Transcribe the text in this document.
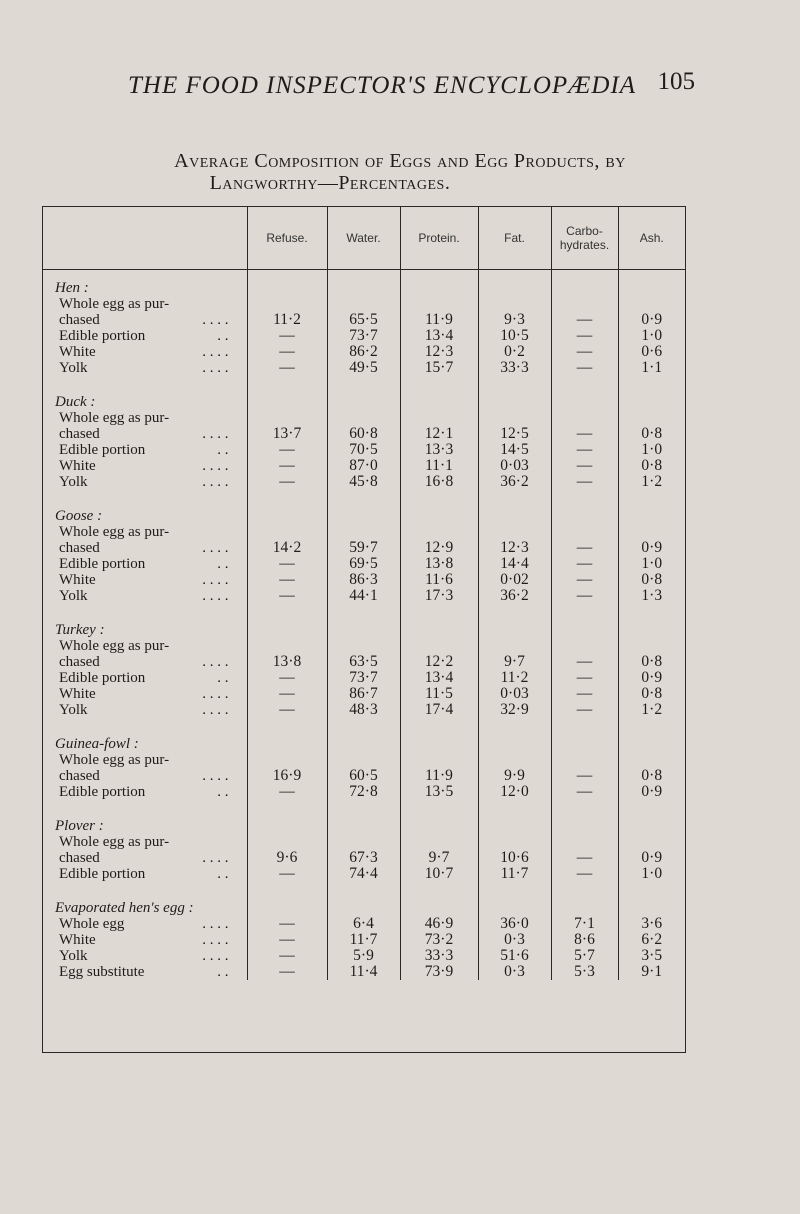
THE FOOD INSPECTOR'S ENCYCLOPÆDIA 105
Average Composition of Eggs and Egg Products, by
Langworthy—Percentages.
	Refuse.	Water.	Protein.	Fat.	Carbo-hydrates.	Ash.
Hen :						
Whole egg as pur-						
chased . . . .	11·2	65·5	11·9	9·3	—	0·9
Edible portion . .	—	73·7	13·4	10·5	—	1·0
White . . . .	—	86·2	12·3	0·2	—	0·6
Yolk . . . .	—	49·5	15·7	33·3	—	1·1

Duck :						
Whole egg as pur-						
chased . . . .	13·7	60·8	12·1	12·5	—	0·8
Edible portion . .	—	70·5	13·3	14·5	—	1·0
White . . . .	—	87·0	11·1	0·03	—	0·8
Yolk . . . .	—	45·8	16·8	36·2	—	1·2

Goose :						
Whole egg as pur-						
chased . . . .	14·2	59·7	12·9	12·3	—	0·9
Edible portion . .	—	69·5	13·8	14·4	—	1·0
White . . . .	—	86·3	11·6	0·02	—	0·8
Yolk . . . .	—	44·1	17·3	36·2	—	1·3

Turkey :						
Whole egg as pur-						
chased . . . .	13·8	63·5	12·2	9·7	—	0·8
Edible portion . .	—	73·7	13·4	11·2	—	0·9
White . . . .	—	86·7	11·5	0·03	—	0·8
Yolk . . . .	—	48·3	17·4	32·9	—	1·2

Guinea-fowl :						
Whole egg as pur-						
chased . . . .	16·9	60·5	11·9	9·9	—	0·8
Edible portion . .	—	72·8	13·5	12·0	—	0·9

Plover :						
Whole egg as pur-						
chased . . . .	9·6	67·3	9·7	10·6	—	0·9
Edible portion . .	—	74·4	10·7	11·7	—	1·0

Evaporated hen's egg :						
Whole egg . . . .	—	6·4	46·9	36·0	7·1	3·6
White . . . .	—	11·7	73·2	0·3	8·6	6·2
Yolk . . . .	—	5·9	33·3	51·6	5·7	3·5
Egg substitute . .	—	11·4	73·9	0·3	5·3	9·1
